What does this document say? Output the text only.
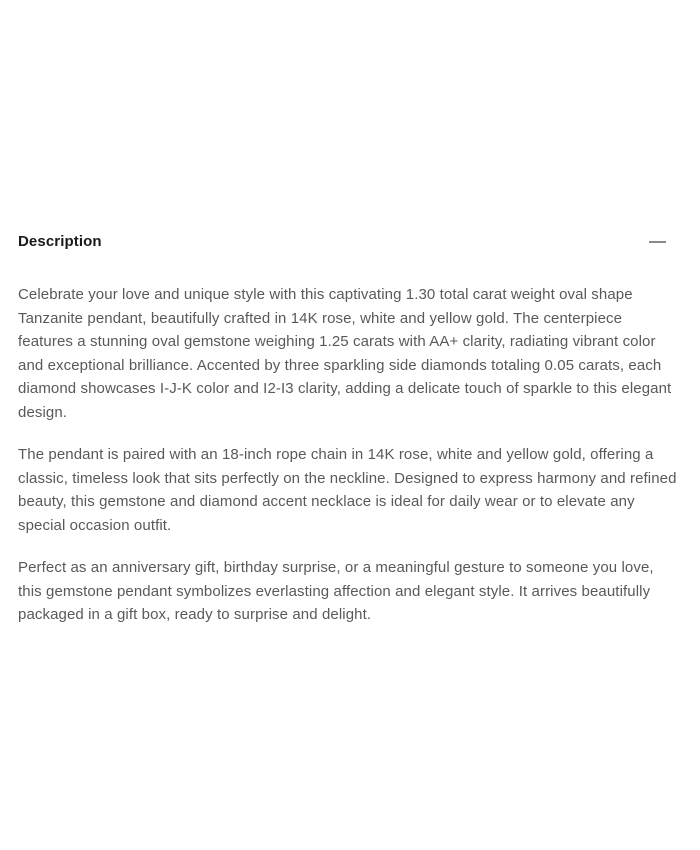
Description

Celebrate your love and unique style with this captivating 1.30 total carat weight oval shape Tanzanite pendant, beautifully crafted in 14K rose, white and yellow gold. The centerpiece features a stunning oval gemstone weighing 1.25 carats with AA+ clarity, radiating vibrant color and exceptional brilliance. Accented by three sparkling side diamonds totaling 0.05 carats, each diamond showcases I-J-K color and I2-I3 clarity, adding a delicate touch of sparkle to this elegant design.

The pendant is paired with an 18-inch rope chain in 14K rose, white and yellow gold, offering a classic, timeless look that sits perfectly on the neckline. Designed to express harmony and refined beauty, this gemstone and diamond accent necklace is ideal for daily wear or to elevate any special occasion outfit.

Perfect as an anniversary gift, birthday surprise, or a meaningful gesture to someone you love, this gemstone pendant symbolizes everlasting affection and elegant style. It arrives beautifully packaged in a gift box, ready to surprise and delight.
